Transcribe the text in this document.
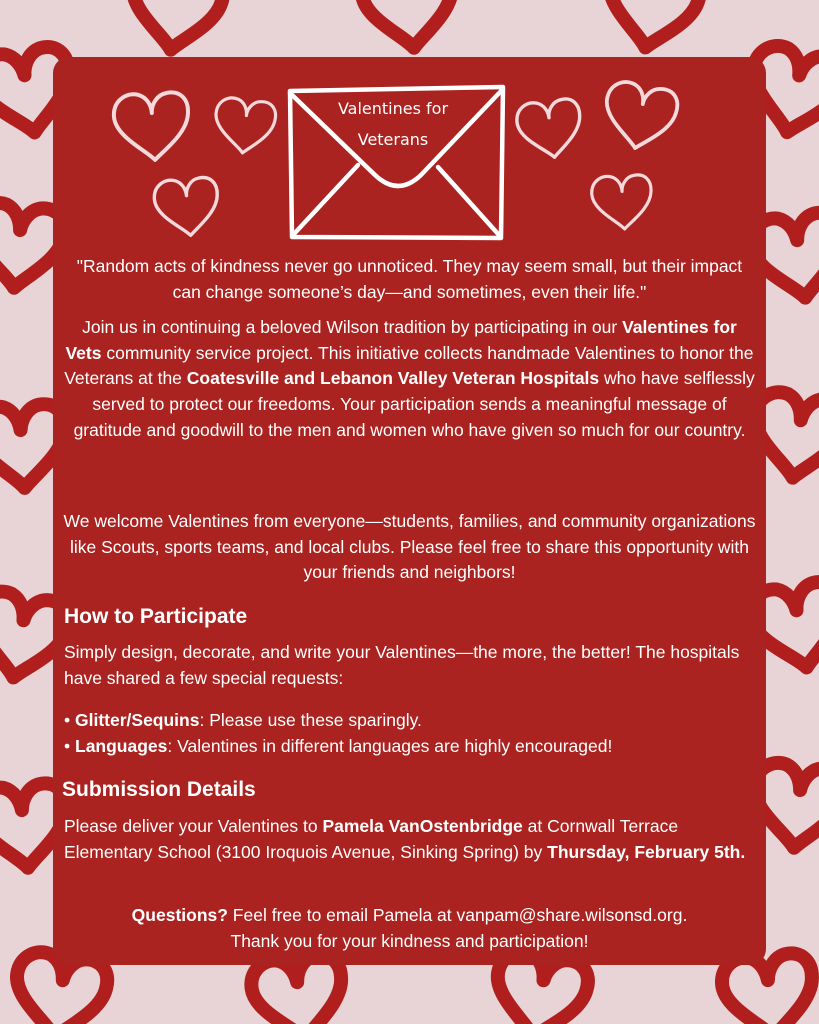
Valentines for
Veterans
"Random acts of kindness never go unnoticed. They may seem small, but their impact can change someone’s day—and sometimes, even their life."
Join us in continuing a beloved Wilson tradition by participating in our Valentines for Vets community service project. This initiative collects handmade Valentines to honor the Veterans at the Coatesville and Lebanon Valley Veteran Hospitals who have selflessly served to protect our freedoms. Your participation sends a meaningful message of gratitude and goodwill to the men and women who have given so much for our country.
We welcome Valentines from everyone—students, families, and community organizations like Scouts, sports teams, and local clubs. Please feel free to share this opportunity with your friends and neighbors!
How to Participate
Simply design, decorate, and write your Valentines—the more, the better! The hospitals have shared a few special requests:
• Glitter/Sequins: Please use these sparingly.
• Languages: Valentines in different languages are highly encouraged!
Submission Details
Please deliver your Valentines to Pamela VanOstenbridge at Cornwall Terrace Elementary School (3100 Iroquois Avenue, Sinking Spring) by Thursday, February 5th.
Questions? Feel free to email Pamela at vanpam@share.wilsonsd.org.
Thank you for your kindness and participation!
